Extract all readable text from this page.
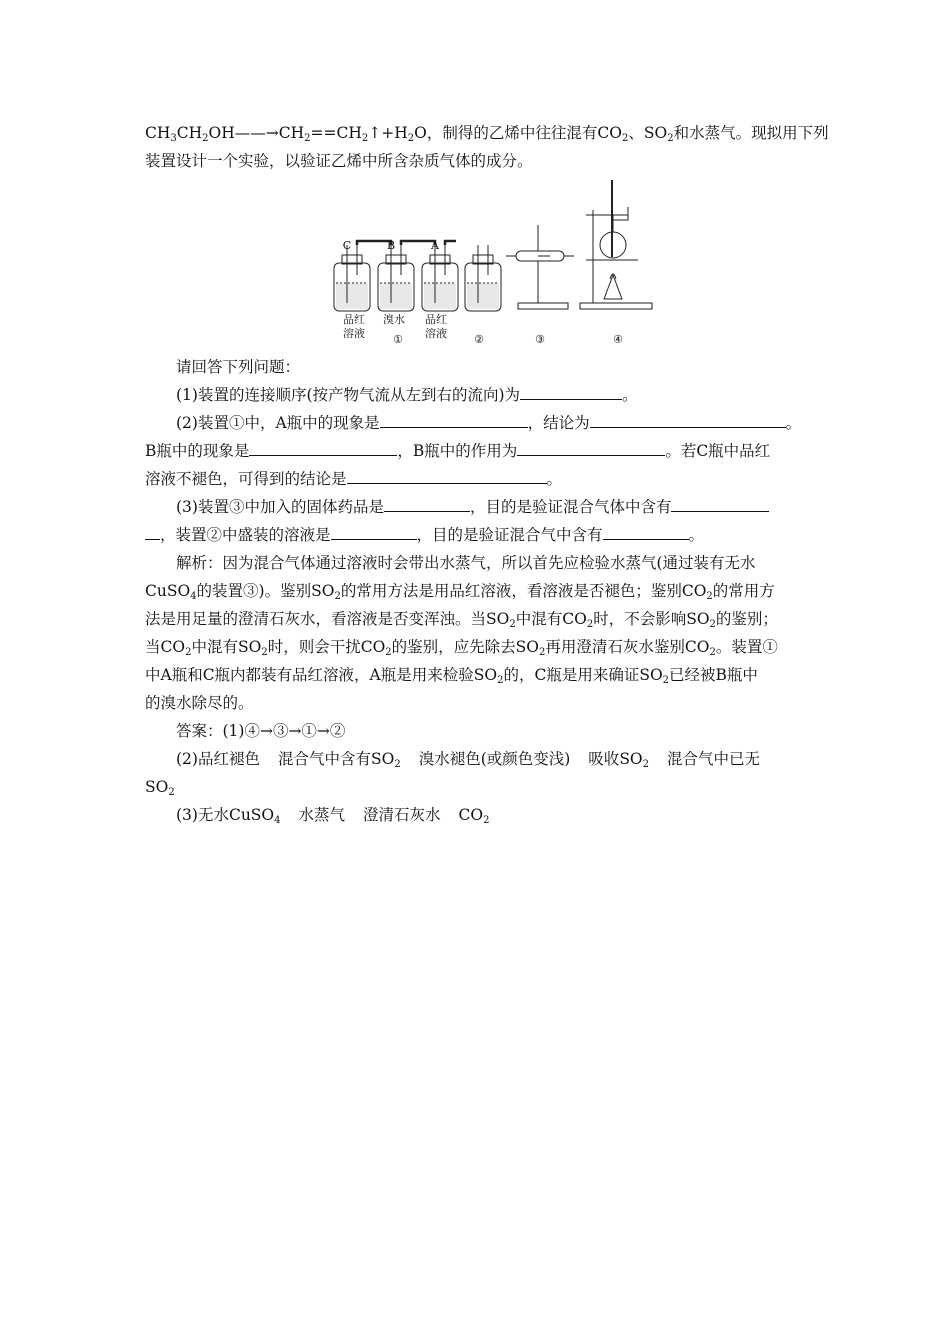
$CH_3CH_2OH——\to CH_2==CH_2↑+H_2O$，制得的乙烯中往往混有$CO_2$、$SO_2$和水蒸气。现拟用下列
装置设计一个实验，以验证乙烯中所含杂质气体的成分。
C	B	A
品红
溶液
溴水 品红
溶液
①	②	③	④
请回答下列问题：
(1)装置的连接顺序(按产物气流从左到右的流向)为	。
(2)装置①中，A瓶中的现象是	，结论为	。
B瓶中的现象是	，B瓶中的作用为	。若C瓶中品红
溶液不褪色，可得到的结论是	。
(3)装置③中加入的固体药品是	，目的是验证混合气体中含有
，装置②中盛装的溶液是	，目的是验证混合气中含有	。
解析：因为混合气体通过溶液时会带出水蒸气，所以首先应检验水蒸气(通过装有无水
CuSO$_4$的装置③)。鉴别$SO_2$的常用方法是用品红溶液，看溶液是否褪色；鉴别$CO_2$的常用方
法是用足量的澄清石灰水，看溶液是否变浑浊。当$SO_2$中混有$CO_2$时，不会影响$SO_2$的鉴别；
当$CO_2$中混有$SO_2$时，则会干扰$CO_2$的鉴别，应先除去$SO_2$再用澄清石灰水鉴别$CO_2$。装置①
中A瓶和C瓶内都装有品红溶液，A瓶是用来检验$SO_2$的，C瓶是用来确证$SO_2$已经被B瓶中
的溴水除尽的。
答案：(1)④→③→①→②
(2)品红褪色 混合气中含有$SO_2$ 溴水褪色(或颜色变浅) 吸收$SO_2$ 混合气中已无
$SO_2$
(3)无水CuSO$_4$ 水蒸气 澄清石灰水 $CO_2$
